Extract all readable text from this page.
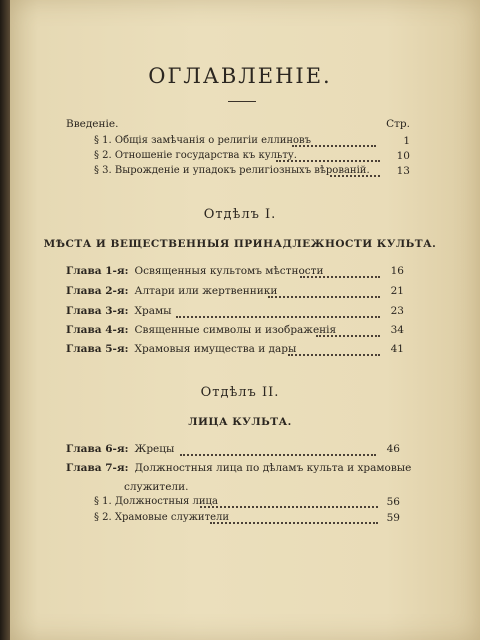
ОГЛАВЛЕНІЕ.
Введеніе.	Стр.
§ 1. Общія замѣчанія о религіи еллиновъ	1
§ 2. Отношеніе государства къ культу.	10
§ 3. Вырожденіе и упадокъ религіозныхъ вѣрованій.	13
Отдѣлъ I.
МѢСТА И ВЕЩЕСТВЕННЫЯ ПРИНАДЛЕЖНОСТИ КУЛЬТА.
Глава 1-я: Освященныя культомъ мѣстности	16
Глава 2-я: Алтари или жертвенники	21
Глава 3-я: Храмы	23
Глава 4-я: Священные символы и изображенія	34
Глава 5-я: Храмовыя имущества и дары	41
Отдѣлъ II.
ЛИЦА КУЛЬТА.
Глава 6-я: Жрецы	46
Глава 7-я: Должностныя лица по дѣламъ культа и храмовые
служители.
§ 1. Должностныя лица	56
§ 2. Храмовые служители	59
